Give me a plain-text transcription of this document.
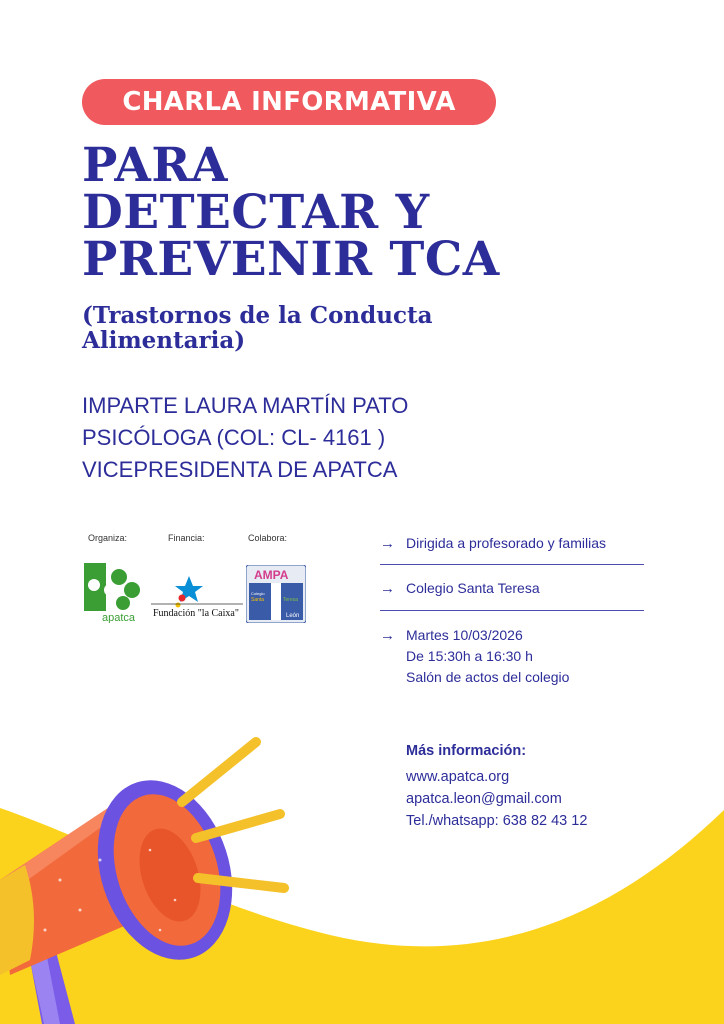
CHARLA INFORMATIVA
PARA
DETECTAR Y
PREVENIR TCA
(Trastornos de la Conducta
Alimentaria)
IMPARTE LAURA MARTÍN PATO
PSICÓLOGA (COL: CL- 4161 )
VICEPRESIDENTA DE APATCA
Organiza:	Financia:	Colabora:
apatca Fundación "la Caixa"
AMPA
Colegio
Santa	Teresa
León
→ Dirigida a profesorado y familias
→ Colegio Santa Teresa
→ Martes 10/03/2026
De 15:30h a 16:30 h
Salón de actos del colegio
Más información:
www.apatca.org
apatca.leon@gmail.com
Tel./whatsapp: 638 82 43 12
